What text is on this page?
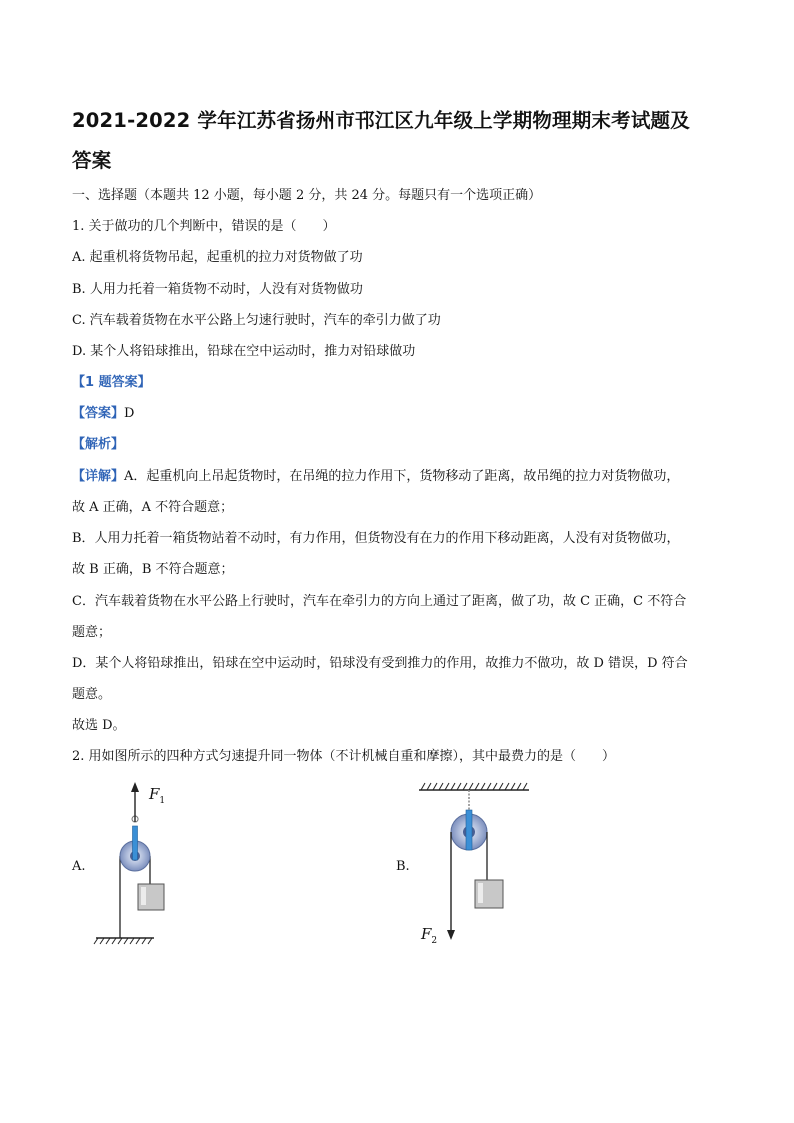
2021-2022 学年江苏省扬州市邗江区九年级上学期物理期末考试题及
答案
一、选择题（本题共 12 小题，每小题 2 分，共 24 分。每题只有一个选项正确）
1. 关于做功的几个判断中，错误的是（　　）
A. 起重机将货物吊起，起重机的拉力对货物做了功
B. 人用力托着一箱货物不动时，人没有对货物做功
C. 汽车载着货物在水平公路上匀速行驶时，汽车的牵引力做了功
D. 某个人将铅球推出，铅球在空中运动时，推力对铅球做功
【1 题答案】
【答案】D
【解析】
【详解】A．起重机向上吊起货物时，在吊绳的拉力作用下，货物移动了距离，故吊绳的拉力对货物做功，
故 A 正确，A 不符合题意；
B．人用力托着一箱货物站着不动时，有力作用，但货物没有在力的作用下移动距离，人没有对货物做功，
故 B 正确，B 不符合题意；
C．汽车载着货物在水平公路上行驶时，汽车在牵引力的方向上通过了距离，做了功，故 C 正确，C 不符合
题意；
D．某个人将铅球推出，铅球在空中运动时，铅球没有受到推力的作用，故推力不做功，故 D 错误，D 符合
题意。
故选 D。
2. 用如图所示的四种方式匀速提升同一物体（不计机械自重和摩擦），其中最费力的是（　　）
A.
$F_1$
B.
$F_2$
